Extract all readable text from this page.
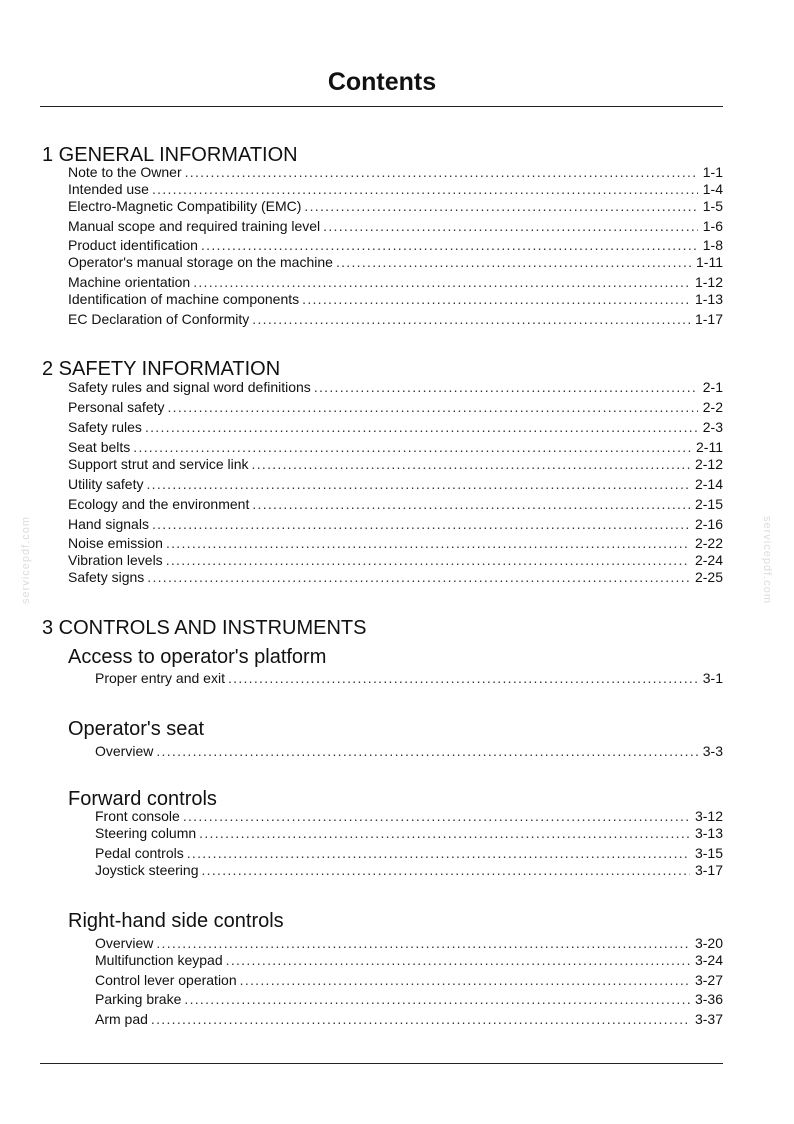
Contents
servicepdf.com	servicepdf.com
1 GENERAL INFORMATION
Note to the Owner . . .	1-1
Intended use . . .	1-4
Electro-Magnetic Compatibility (EMC) . . .	1-5
Manual scope and required training level . . .	1-6
Product identification . . .	1-8
Operator's manual storage on the machine . . .	1-11
Machine orientation . . .	1-12
Identification of machine components . . .	1-13
EC Declaration of Conformity . . .	1-17
2 SAFETY INFORMATION
Safety rules and signal word definitions . . .	2-1
Personal safety . . .	2-2
Safety rules . . .	2-3
Seat belts . . .	2-11
Support strut and service link . . .	2-12
Utility safety . . .	2-14
Ecology and the environment . . .	2-15
Hand signals . . .	2-16
Noise emission . . .	2-22
Vibration levels . . .	2-24
Safety signs . . .	2-25
3 CONTROLS AND INSTRUMENTS
Access to operator's platform
Proper entry and exit . . .	3-1
Operator's seat
Overview . . .	3-3
Forward controls
Front console . . .	3-12
Steering column . . .	3-13
Pedal controls . . .	3-15
Joystick steering . . .	3-17
Right-hand side controls
Overview . . .	3-20
Multifunction keypad . . .	3-24
Control lever operation . . .	3-27
Parking brake . . .	3-36
Arm pad . . .	3-37
